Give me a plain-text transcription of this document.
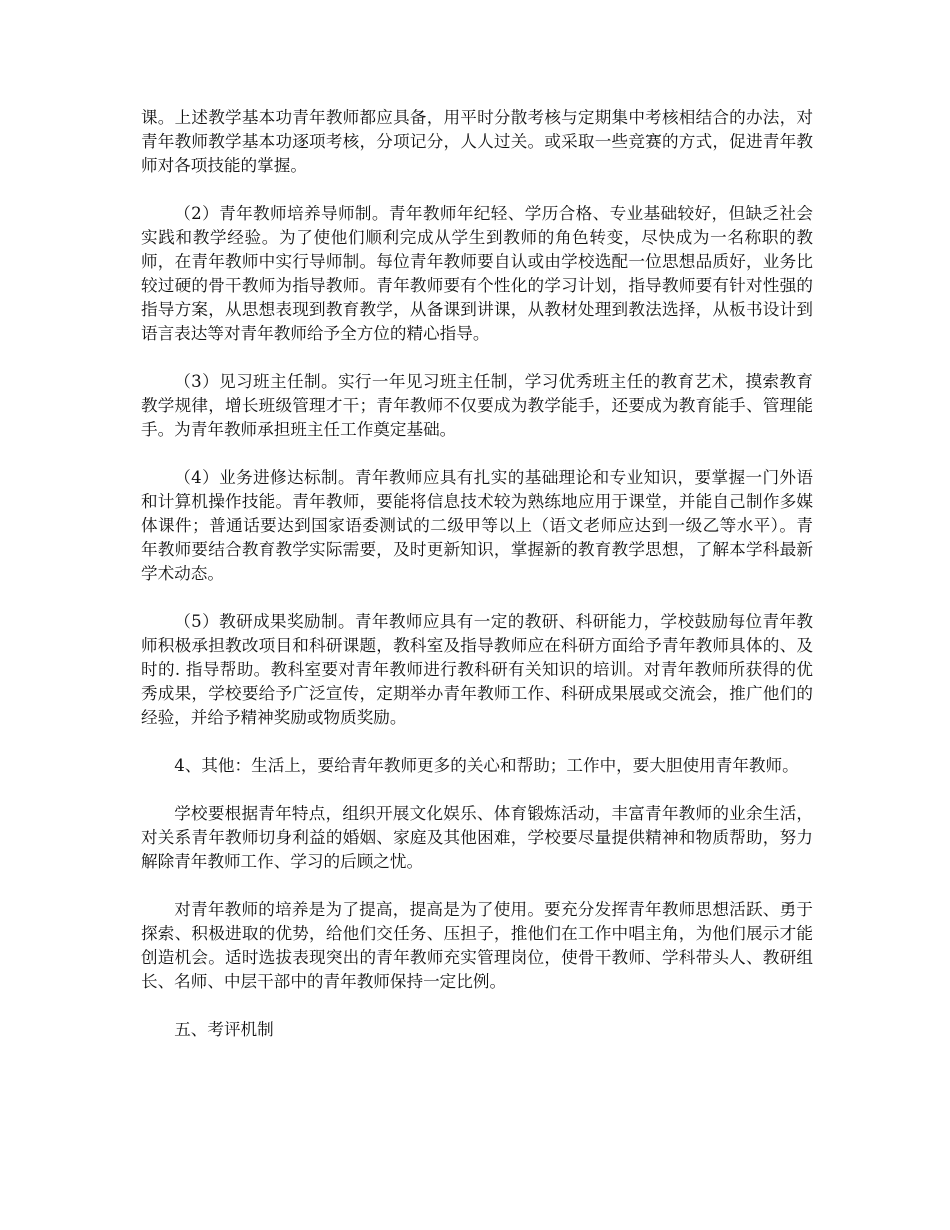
课。上述教学基本功青年教师都应具备，用平时分散考核与定期集中考核相结合的办法，对青年教师教学基本功逐项考核，分项记分，人人过关。或采取一些竞赛的方式，促进青年教师对各项技能的掌握。

（2）青年教师培养导师制。青年教师年纪轻、学历合格、专业基础较好，但缺乏社会实践和教学经验。为了使他们顺利完成从学生到教师的角色转变，尽快成为一名称职的教师，在青年教师中实行导师制。每位青年教师要自认或由学校选配一位思想品质好，业务比较过硬的骨干教师为指导教师。青年教师要有个性化的学习计划，指导教师要有针对性强的指导方案，从思想表现到教育教学，从备课到讲课，从教材处理到教法选择，从板书设计到语言表达等对青年教师给予全方位的精心指导。

（3）见习班主任制。实行一年见习班主任制，学习优秀班主任的教育艺术，摸索教育教学规律，增长班级管理才干；青年教师不仅要成为教学能手，还要成为教育能手、管理能手。为青年教师承担班主任工作奠定基础。

（4）业务进修达标制。青年教师应具有扎实的基础理论和专业知识，要掌握一门外语和计算机操作技能。青年教师，要能将信息技术较为熟练地应用于课堂，并能自己制作多媒体课件；普通话要达到国家语委测试的二级甲等以上（语文老师应达到一级乙等水平）。青年教师要结合教育教学实际需要，及时更新知识，掌握新的教育教学思想，了解本学科最新学术动态。

（5）教研成果奖励制。青年教师应具有一定的教研、科研能力，学校鼓励每位青年教师积极承担教改项目和科研课题，教科室及指导教师应在科研方面给予青年教师具体的、及时的. 指导帮助。教科室要对青年教师进行教科研有关知识的培训。对青年教师所获得的优秀成果，学校要给予广泛宣传，定期举办青年教师工作、科研成果展或交流会，推广他们的经验，并给予精神奖励或物质奖励。

4、其他：生活上，要给青年教师更多的关心和帮助；工作中，要大胆使用青年教师。

学校要根据青年特点，组织开展文化娱乐、体育锻炼活动，丰富青年教师的业余生活，对关系青年教师切身利益的婚姻、家庭及其他困难，学校要尽量提供精神和物质帮助，努力解除青年教师工作、学习的后顾之忧。

对青年教师的培养是为了提高，提高是为了使用。要充分发挥青年教师思想活跃、勇于探索、积极进取的优势，给他们交任务、压担子，推他们在工作中唱主角，为他们展示才能创造机会。适时选拔表现突出的青年教师充实管理岗位，使骨干教师、学科带头人、教研组长、名师、中层干部中的青年教师保持一定比例。

五、考评机制
